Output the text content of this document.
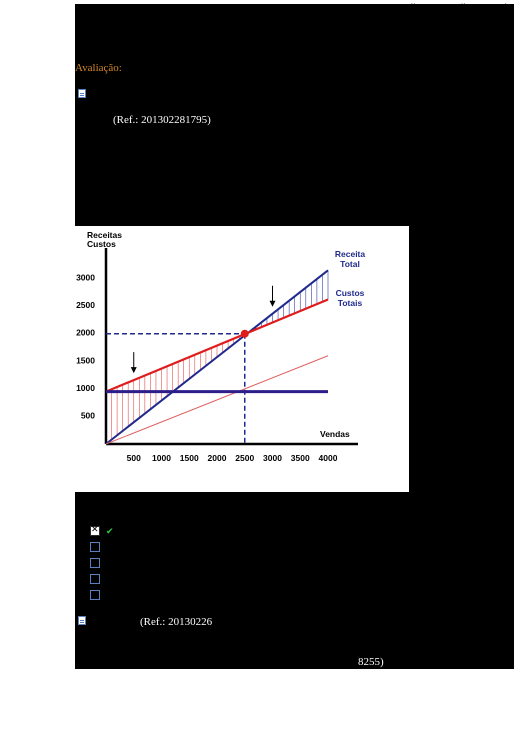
Avaliação:
(Ref.: 201302281795)
500 1000 1500 2000 2500 3000 3500 4000
500
1000
1500
2000
2500
3000
Receitas
Custos
Vendas
Receita
Total
Custos
Totais
✕
✔
(Ref.: 20130226
8255)
